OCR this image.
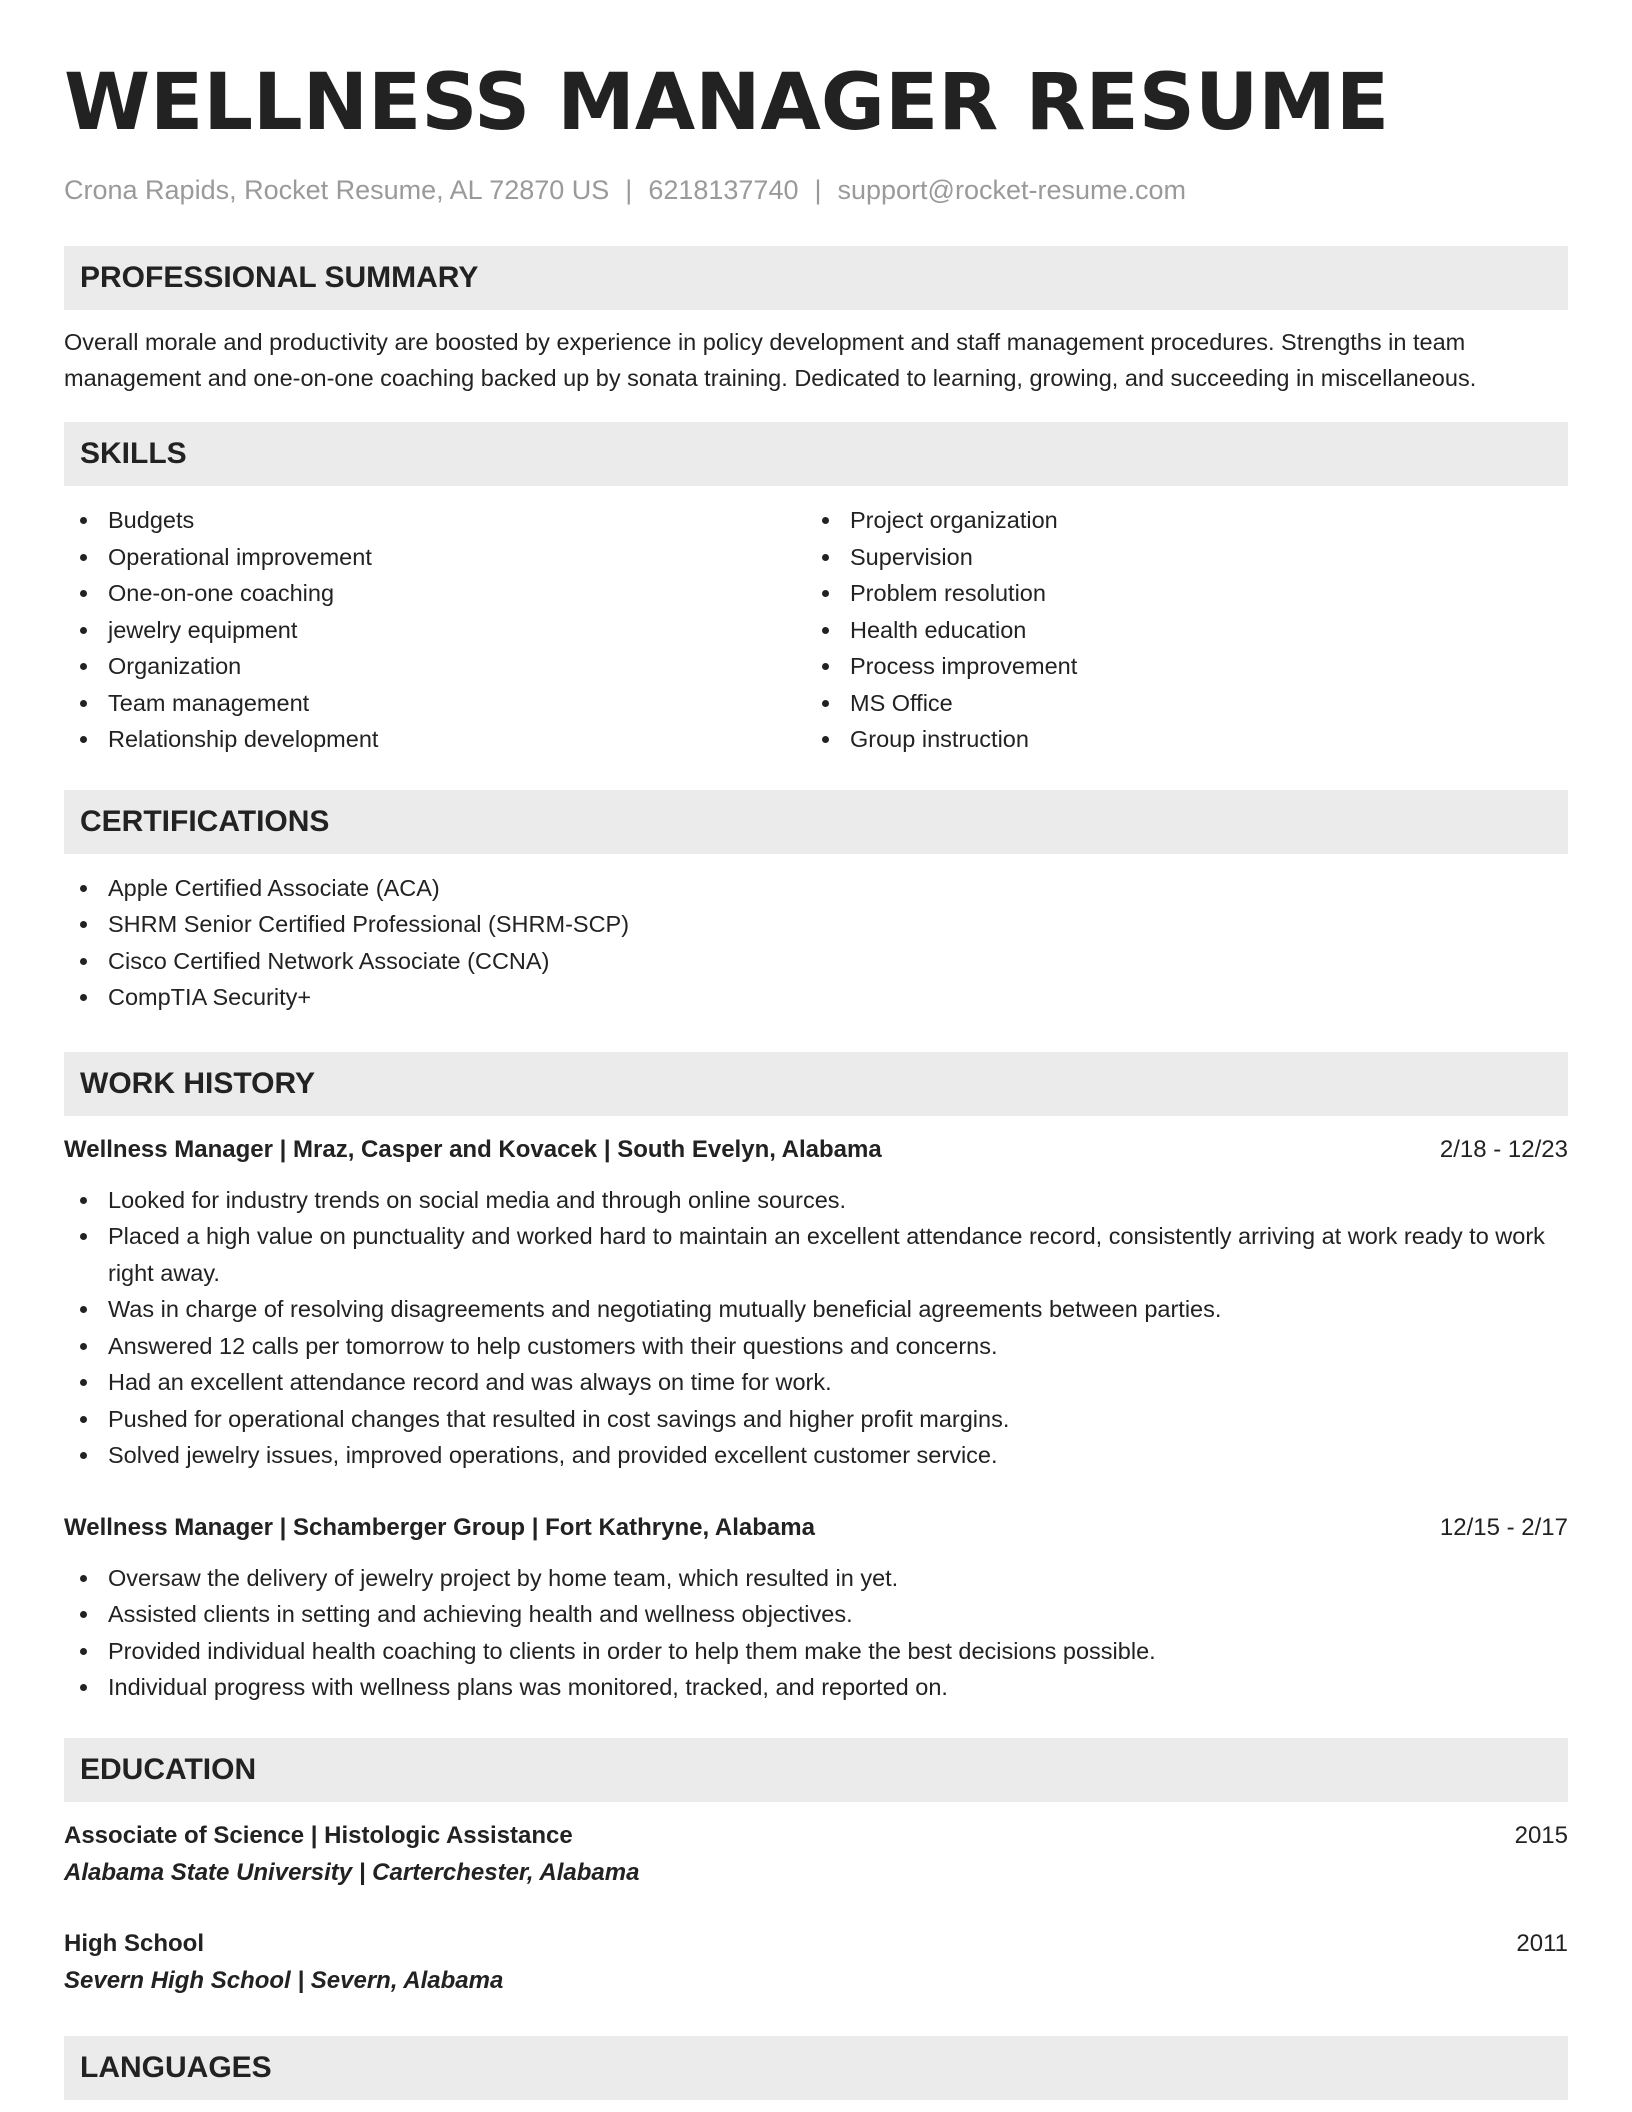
WELLNESS MANAGER RESUME
Crona Rapids, Rocket Resume, AL 72870 US | 6218137740 | support@rocket-resume.com
PROFESSIONAL SUMMARY
Overall morale and productivity are boosted by experience in policy development and staff management procedures. Strengths in team management and one-on-one coaching backed up by sonata training. Dedicated to learning, growing, and succeeding in miscellaneous.
SKILLS
Budgets
Operational improvement
One-on-one coaching
jewelry equipment
Organization
Team management
Relationship development
Project organization
Supervision
Problem resolution
Health education
Process improvement
MS Office
Group instruction
CERTIFICATIONS
Apple Certified Associate (ACA)
SHRM Senior Certified Professional (SHRM-SCP)
Cisco Certified Network Associate (CCNA)
CompTIA Security+
WORK HISTORY
Wellness Manager | Mraz, Casper and Kovacek | South Evelyn, Alabama	2/18 - 12/23
Looked for industry trends on social media and through online sources.
Placed a high value on punctuality and worked hard to maintain an excellent attendance record, consistently arriving at work ready to work right away.
Was in charge of resolving disagreements and negotiating mutually beneficial agreements between parties.
Answered 12 calls per tomorrow to help customers with their questions and concerns.
Had an excellent attendance record and was always on time for work.
Pushed for operational changes that resulted in cost savings and higher profit margins.
Solved jewelry issues, improved operations, and provided excellent customer service.
Wellness Manager | Schamberger Group | Fort Kathryne, Alabama	12/15 - 2/17
Oversaw the delivery of jewelry project by home team, which resulted in yet.
Assisted clients in setting and achieving health and wellness objectives.
Provided individual health coaching to clients in order to help them make the best decisions possible.
Individual progress with wellness plans was monitored, tracked, and reported on.
EDUCATION
Associate of Science | Histologic Assistance	2015
Alabama State University | Carterchester, Alabama
High School	2011
Severn High School | Severn, Alabama
LANGUAGES
